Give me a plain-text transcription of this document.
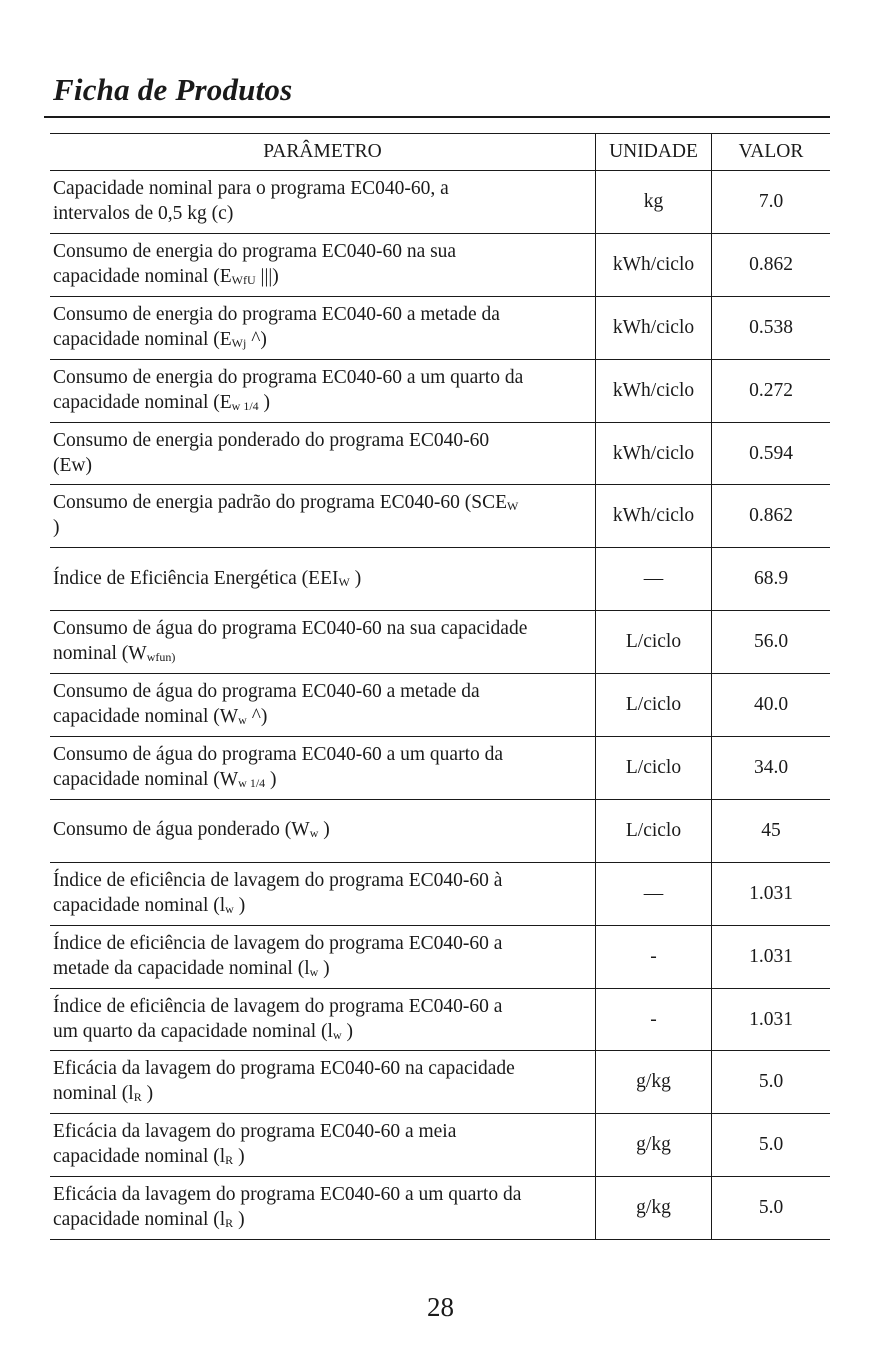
Ficha de Produtos
PARÂMETRO	UNIDADE	VALOR
Capacidade nominal para o programa EC040-60, a
intervalos de 0,5 kg (c)	kg	7.0
Consumo de energia do programa EC040-60 na sua
capacidade nominal ($E_{WfU}$ |||)	kWh/ciclo	0.862
Consumo de energia do programa EC040-60 a metade da
capacidade nominal ($E_{Wj}$ ^)	kWh/ciclo	0.538
Consumo de energia do programa EC040-60 a um quarto da
capacidade nominal ($E_{w 1/4}$ )	kWh/ciclo	0.272
Consumo de energia ponderado do programa EC040-60
(Ew)	kWh/ciclo	0.594
Consumo de energia padrão do programa EC040-60 ($SCE_W$
)	kWh/ciclo	0.862
Índice de Eficiência Energética ($EEI_W$ )	—	68.9
Consumo de água do programa EC040-60 na sua capacidade
nominal ($W_{wfun)}$	L/ciclo	56.0
Consumo de água do programa EC040-60 a metade da
capacidade nominal ($W_w$ ^)	L/ciclo	40.0
Consumo de água do programa EC040-60 a um quarto da
capacidade nominal ($W_{w 1/4}$ )	L/ciclo	34.0
Consumo de água ponderado ($W_w$ )	L/ciclo	45
Índice de eficiência de lavagem do programa EC040-60 à
capacidade nominal ($l_w$ )	—	1.031
Índice de eficiência de lavagem do programa EC040-60 a
metade da capacidade nominal ($l_w$ )	-	1.031
Índice de eficiência de lavagem do programa EC040-60 a
um quarto da capacidade nominal ($l_w$ )	-	1.031
Eficácia da lavagem do programa EC040-60 na capacidade
nominal ($l_R$ )	g/kg	5.0
Eficácia da lavagem do programa EC040-60 a meia
capacidade nominal ($l_R$ )	g/kg	5.0
Eficácia da lavagem do programa EC040-60 a um quarto da
capacidade nominal ($l_R$ )	g/kg	5.0

28
